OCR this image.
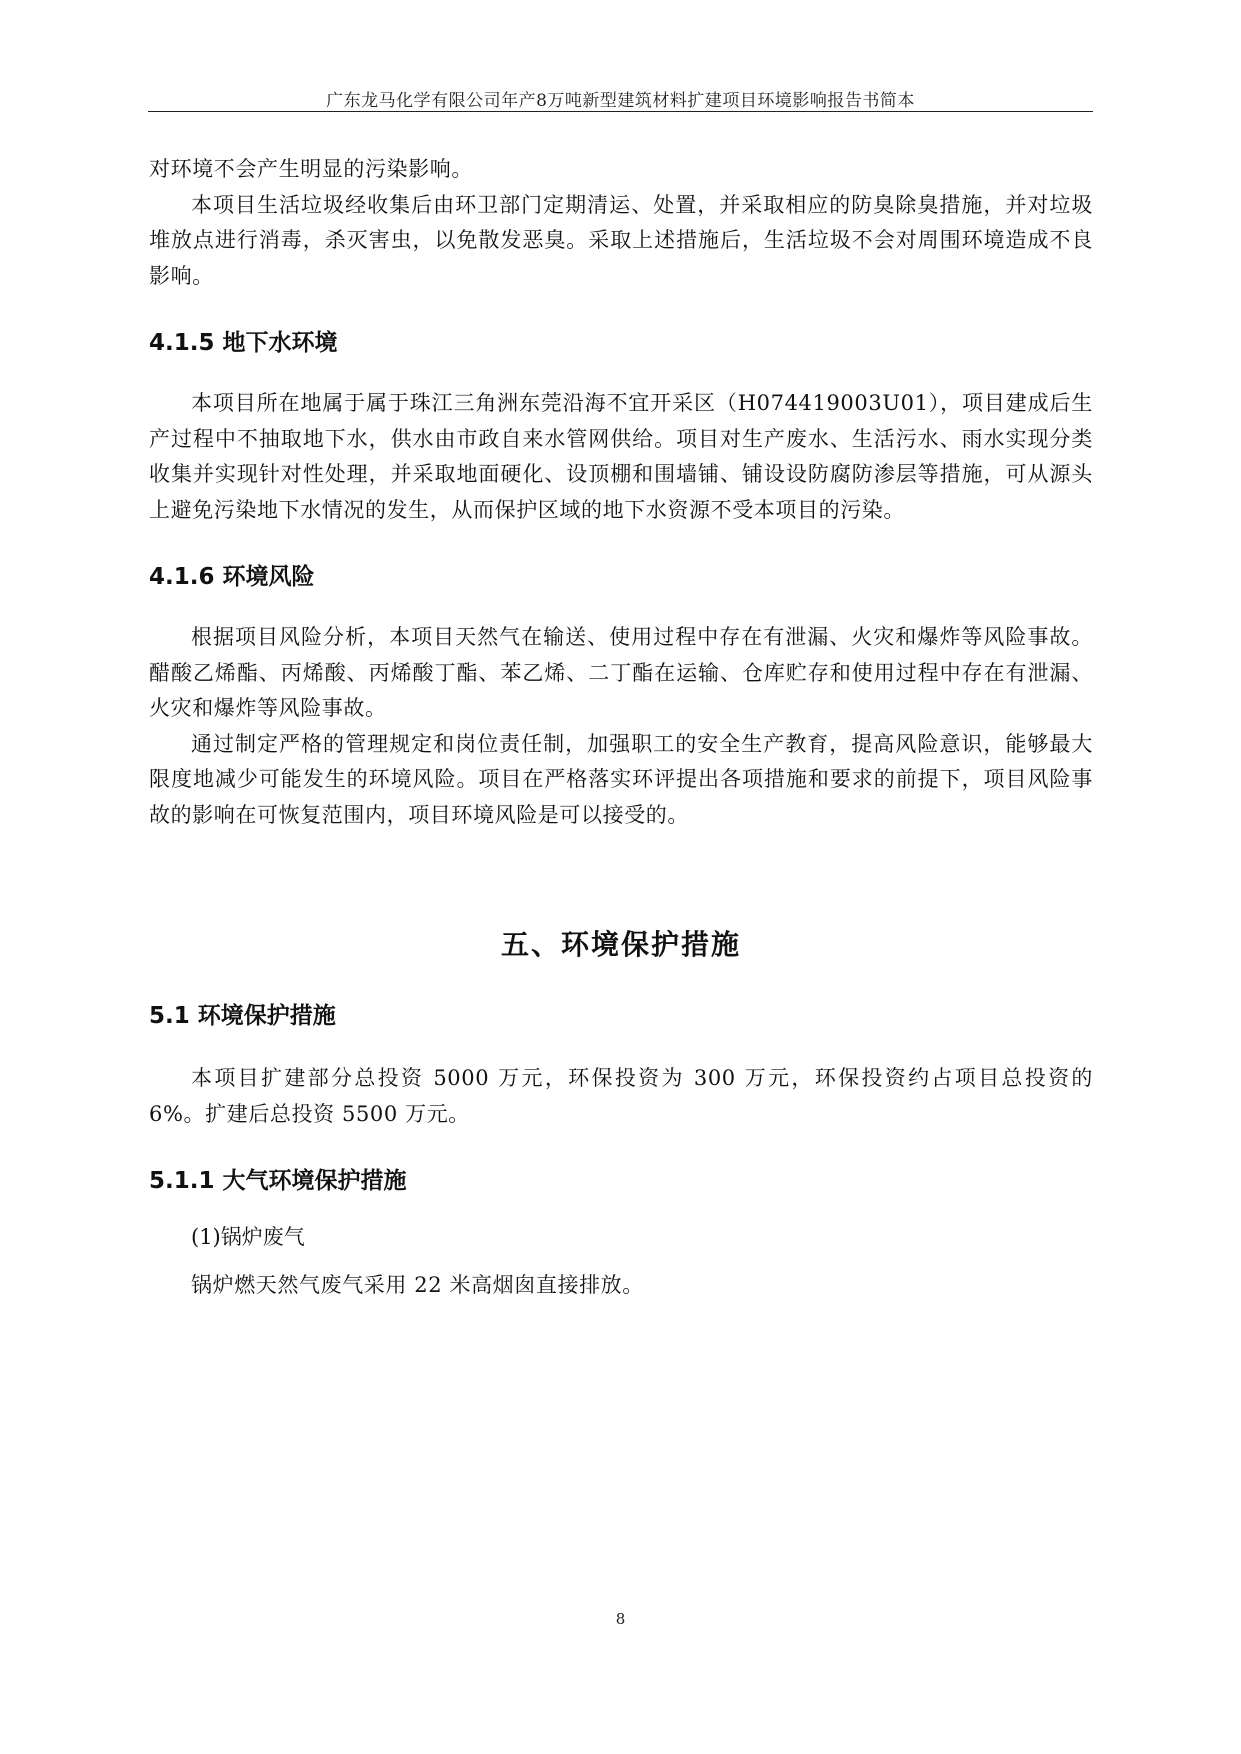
广东龙马化学有限公司年产8万吨新型建筑材料扩建项目环境影响报告书简本

对环境不会产生明显的污染影响。

本项目生活垃圾经收集后由环卫部门定期清运、处置，并采取相应的防臭除臭措施，并对垃圾堆放点进行消毒，杀灭害虫，以免散发恶臭。采取上述措施后，生活垃圾不会对周围环境造成不良影响。

4.1.5 地下水环境

本项目所在地属于属于珠江三角洲东莞沿海不宜开采区（H074419003U01），项目建成后生产过程中不抽取地下水，供水由市政自来水管网供给。项目对生产废水、生活污水、雨水实现分类收集并实现针对性处理，并采取地面硬化、设顶棚和围墙铺、铺设设防腐防渗层等措施，可从源头上避免污染地下水情况的发生，从而保护区域的地下水资源不受本项目的污染。

4.1.6 环境风险

根据项目风险分析，本项目天然气在输送、使用过程中存在有泄漏、火灾和爆炸等风险事故。醋酸乙烯酯、丙烯酸、丙烯酸丁酯、苯乙烯、二丁酯在运输、仓库贮存和使用过程中存在有泄漏、火灾和爆炸等风险事故。

通过制定严格的管理规定和岗位责任制，加强职工的安全生产教育，提高风险意识，能够最大限度地减少可能发生的环境风险。项目在严格落实环评提出各项措施和要求的前提下，项目风险事故的影响在可恢复范围内，项目环境风险是可以接受的。

五、环境保护措施
5.1 环境保护措施

本项目扩建部分总投资 5000 万元，环保投资为 300 万元，环保投资约占项目总投资的 6%。扩建后总投资 5500 万元。

5.1.1 大气环境保护措施

(1)锅炉废气

锅炉燃天然气废气采用 22 米高烟囱直接排放。

8
